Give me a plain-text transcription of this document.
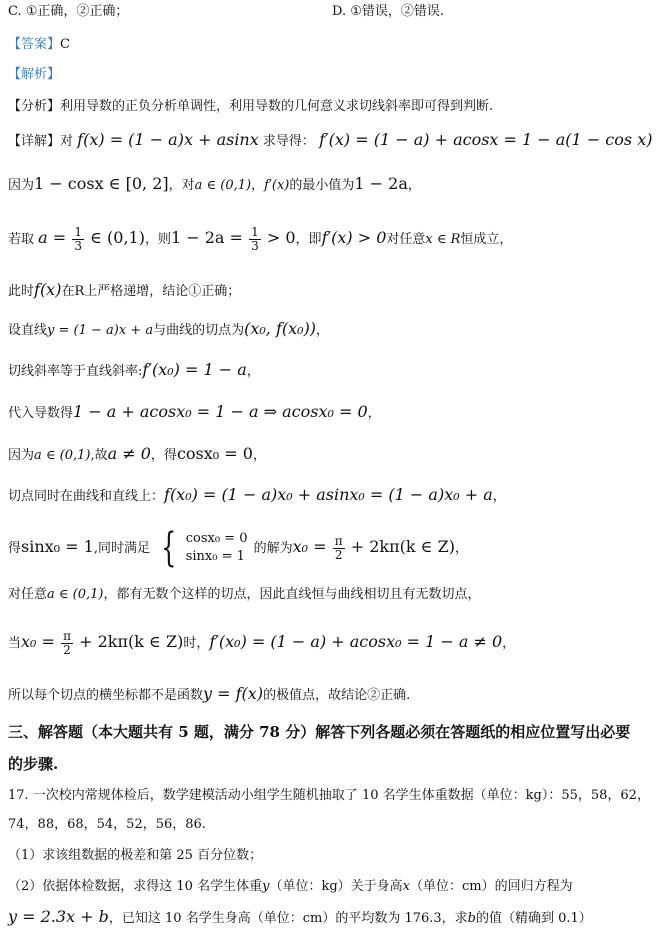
C. ①正确，②正确；	D. ①错误，②错误.
【答案】C
【解析】
【分析】利用导数的正负分析单调性，利用导数的几何意义求切线斜率即可得到判断.
【详解】对 f(x) = (1 − a)x + asinx 求导得： f′(x) = (1 − a) + acosx = 1 − a(1 − cos x)
因为1 − cosx ∈ [0, 2]，对a ∈ (0,1)，f′(x)的最小值为1 − 2a，
若取 $a = \frac{1}{3}$ ∈ (0,1)，则$1 - 2a = \frac{1}{3} > 0$，即f′(x) > 0对任意x ∈ R恒成立，
此时f(x)在R上严格递增，结论①正确；
设直线y = (1 − a)x + a与曲线的切点为(x₀, f(x₀))，
切线斜率等于直线斜率:f′(x₀) = 1 − a，
代入导数得1 − a + acosx₀ = 1 − a ⇒ acosx₀ = 0，
因为a ∈ (0,1),故a ≠ 0，得cosx₀ = 0，
切点同时在曲线和直线上：f(x₀) = (1 − a)x₀ + asinx₀ = (1 − a)x₀ + a，
得sinx₀ = 1,同时满足 { cosx₀ = 0
sinx₀ = 1
的解为$x_0 = \frac{\pi}{2} + 2k\pi(k$ ∈ Z)，
对任意a ∈ (0,1)，都有无数个这样的切点，因此直线恒与曲线相切且有无数切点，
当$x_0 = \frac{\pi}{2} + 2k\pi(k$ ∈ Z)时，f′(x₀) = (1 − a) + acosx₀ = 1 − a ≠ 0，
所以每个切点的横坐标都不是函数y = f(x)的极值点，故结论②正确.
三、解答题（本大题共有 5 题，满分 78 分）解答下列各题必须在答题纸的相应位置写出必要
的步骤.
17. 一次校内常规体检后，数学建模活动小组学生随机抽取了 10 名学生体重数据（单位：kg）：55，58，62，
74，88，68，54，52，56，86.
（1）求该组数据的极差和第 25 百分位数；
（2）依据体检数据，求得这 10 名学生体重y（单位：kg）关于身高x（单位：cm）的回归方程为
y = 2.3x + b，已知这 10 名学生身高（单位：cm）的平均数为 176.3，求b的值（精确到 0.1）
